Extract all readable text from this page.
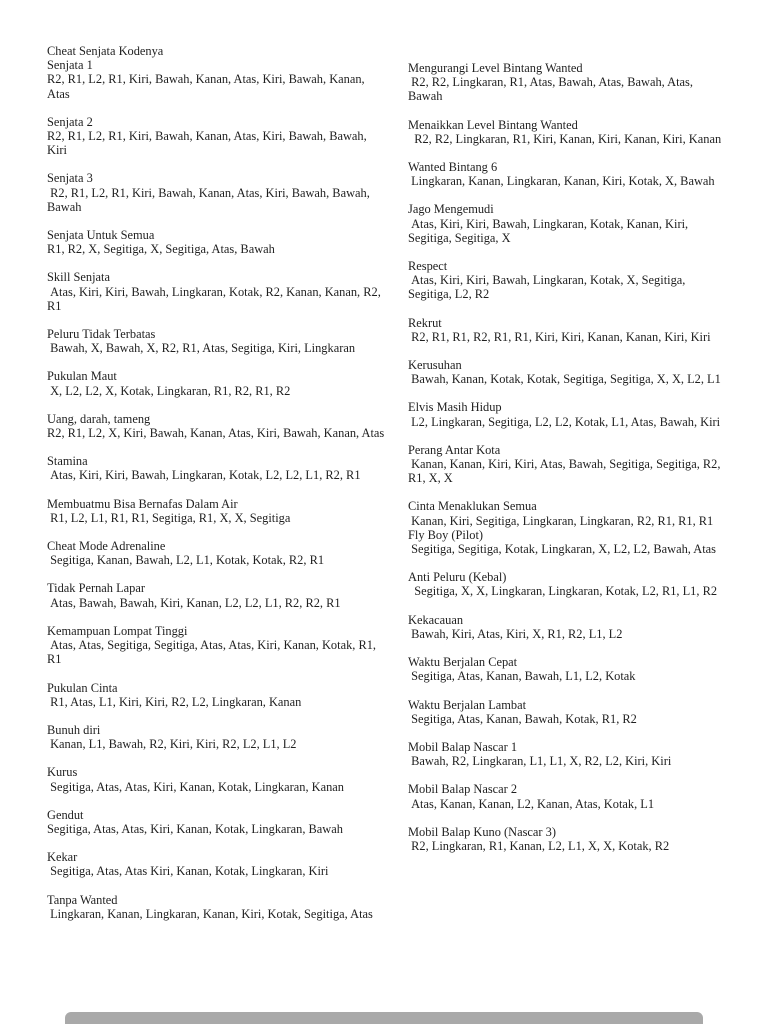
Cheat Senjata Kodenya
Senjata 1
R2, R1, L2, R1, Kiri, Bawah, Kanan, Atas, Kiri, Bawah, Kanan, Atas
Senjata 2
R2, R1, L2, R1, Kiri, Bawah, Kanan, Atas, Kiri, Bawah, Bawah, Kiri
Senjata 3
R2, R1, L2, R1, Kiri, Bawah, Kanan, Atas, Kiri, Bawah, Bawah, Bawah
Senjata Untuk Semua
R1, R2, X, Segitiga, X, Segitiga, Atas, Bawah
Skill Senjata
Atas, Kiri, Kiri, Bawah, Lingkaran, Kotak, R2, Kanan, Kanan, R2, R1
Peluru Tidak Terbatas
Bawah, X, Bawah, X, R2, R1, Atas, Segitiga, Kiri, Lingkaran
Pukulan Maut
X, L2, L2, X, Kotak, Lingkaran, R1, R2, R1, R2
Uang, darah, tameng
R2, R1, L2, X, Kiri, Bawah, Kanan, Atas, Kiri, Bawah, Kanan, Atas
Stamina
Atas, Kiri, Kiri, Bawah, Lingkaran, Kotak, L2, L2, L1, R2, R1
Membuatmu Bisa Bernafas Dalam Air
R1, L2, L1, R1, R1, Segitiga, R1, X, X, Segitiga
Cheat Mode Adrenaline
Segitiga, Kanan, Bawah, L2, L1, Kotak, Kotak, R2, R1
Tidak Pernah Lapar
Atas, Bawah, Bawah, Kiri, Kanan, L2, L2, L1, R2, R2, R1
Kemampuan Lompat Tinggi
Atas, Atas, Segitiga, Segitiga, Atas, Atas, Kiri, Kanan, Kotak, R1, R1
Pukulan Cinta
R1, Atas, L1, Kiri, Kiri, R2, L2, Lingkaran, Kanan
Bunuh diri
Kanan, L1, Bawah, R2, Kiri, Kiri, R2, L2, L1, L2
Kurus
Segitiga, Atas, Atas, Kiri, Kanan, Kotak, Lingkaran, Kanan
Gendut
Segitiga, Atas, Atas, Kiri, Kanan, Kotak, Lingkaran, Bawah
Kekar
Segitiga, Atas, Atas Kiri, Kanan, Kotak, Lingkaran, Kiri
Tanpa Wanted
Lingkaran, Kanan, Lingkaran, Kanan, Kiri, Kotak, Segitiga, Atas
Mengurangi Level Bintang Wanted
R2, R2, Lingkaran, R1, Atas, Bawah, Atas, Bawah, Atas, Bawah
Menaikkan Level Bintang Wanted
R2, R2, Lingkaran, R1, Kiri, Kanan, Kiri, Kanan, Kiri, Kanan
Wanted Bintang 6
Lingkaran, Kanan, Lingkaran, Kanan, Kiri, Kotak, X, Bawah
Jago Mengemudi
Atas, Kiri, Kiri, Bawah, Lingkaran, Kotak, Kanan, Kiri, Segitiga, Segitiga, X
Respect
Atas, Kiri, Kiri, Bawah, Lingkaran, Kotak, X, Segitiga, Segitiga, L2, R2
Rekrut
R2, R1, R1, R2, R1, R1, Kiri, Kiri, Kanan, Kanan, Kiri, Kiri
Kerusuhan
Bawah, Kanan, Kotak, Kotak, Segitiga, Segitiga, X, X, L2, L1
Elvis Masih Hidup
L2, Lingkaran, Segitiga, L2, L2, Kotak, L1, Atas, Bawah, Kiri
Perang Antar Kota
Kanan, Kanan, Kiri, Kiri, Atas, Bawah, Segitiga, Segitiga, R2, R1, X, X
Cinta Menaklukan Semua
Kanan, Kiri, Segitiga, Lingkaran, Lingkaran, R2, R1, R1, R1
Fly Boy (Pilot)
Segitiga, Segitiga, Kotak, Lingkaran, X, L2, L2, Bawah, Atas
Anti Peluru (Kebal)
Segitiga, X, X, Lingkaran, Lingkaran, Kotak, L2, R1, L1, R2
Kekacauan
Bawah, Kiri, Atas, Kiri, X, R1, R2, L1, L2
Waktu Berjalan Cepat
Segitiga, Atas, Kanan, Bawah, L1, L2, Kotak
Waktu Berjalan Lambat
Segitiga, Atas, Kanan, Bawah, Kotak, R1, R2
Mobil Balap Nascar 1
Bawah, R2, Lingkaran, L1, L1, X, R2, L2, Kiri, Kiri
Mobil Balap Nascar 2
Atas, Kanan, Kanan, L2, Kanan, Atas, Kotak, L1
Mobil Balap Kuno (Nascar 3)
R2, Lingkaran, R1, Kanan, L2, L1, X, X, Kotak, R2
